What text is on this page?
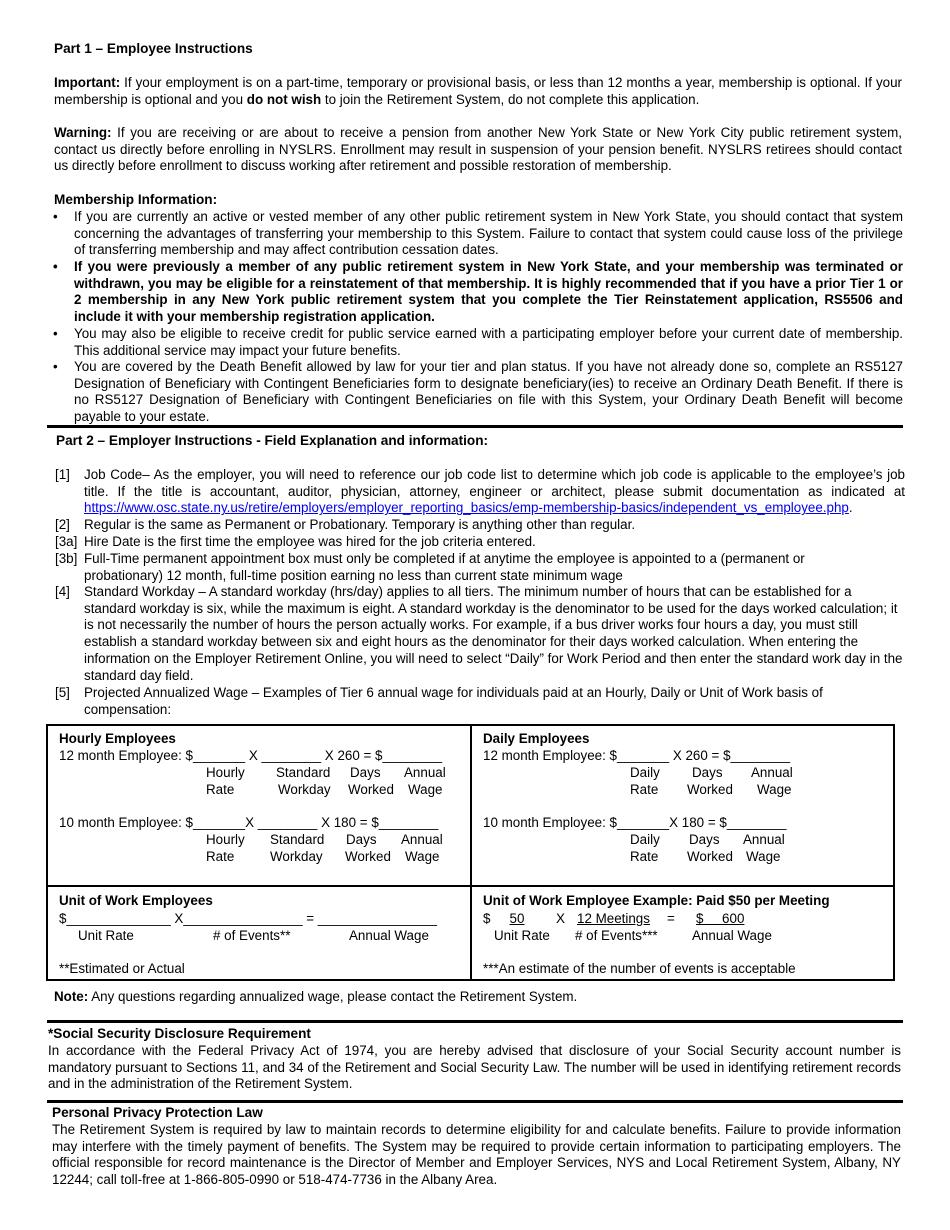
Part 1 – Employee Instructions
Important: If your employment is on a part-time, temporary or provisional basis, or less than 12 months a year, membership is optional. If your membership is optional and you do not wish to join the Retirement System, do not complete this application.
Warning: If you are receiving or are about to receive a pension from another New York State or New York City public retirement system, contact us directly before enrolling in NYSLRS. Enrollment may result in suspension of your pension benefit. NYSLRS retirees should contact us directly before enrollment to discuss working after retirement and possible restoration of membership.
Membership Information:
• If you are currently an active or vested member of any other public retirement system in New York State, you should contact that system concerning the advantages of transferring your membership to this System. Failure to contact that system could cause loss of the privilege of transferring membership and may affect contribution cessation dates.
• If you were previously a member of any public retirement system in New York State, and your membership was terminated or withdrawn, you may be eligible for a reinstatement of that membership. It is highly recommended that if you have a prior Tier 1 or 2 membership in any New York public retirement system that you complete the Tier Reinstatement application, RS5506 and include it with your membership registration application.
• You may also be eligible to receive credit for public service earned with a participating employer before your current date of membership. This additional service may impact your future benefits.
• You are covered by the Death Benefit allowed by law for your tier and plan status. If you have not already done so, complete an RS5127 Designation of Beneficiary with Contingent Beneficiaries form to designate beneficiary(ies) to receive an Ordinary Death Benefit. If there is no RS5127 Designation of Beneficiary with Contingent Beneficiaries on file with this System, your Ordinary Death Benefit will become payable to your estate.
Part 2 – Employer Instructions - Field Explanation and information:
[1] Job Code– As the employer, you will need to reference our job code list to determine which job code is applicable to the employee’s job title. If the title is accountant, auditor, physician, attorney, engineer or architect, please submit documentation as indicated at https://www.osc.state.ny.us/retire/employers/employer_reporting_basics/emp-membership-basics/independent_vs_employee.php.
[2] Regular is the same as Permanent or Probationary. Temporary is anything other than regular.
[3a] Hire Date is the first time the employee was hired for the job criteria entered.
[3b] Full-Time permanent appointment box must only be completed if at anytime the employee is appointed to a (permanent or probationary) 12 month, full-time position earning no less than current state minimum wage
[4] Standard Workday – A standard workday (hrs/day) applies to all tiers. The minimum number of hours that can be established for a standard workday is six, while the maximum is eight. A standard workday is the denominator to be used for the days worked calculation; it is not necessarily the number of hours the person actually works. For example, if a bus driver works four hours a day, you must still establish a standard workday between six and eight hours as the denominator for their days worked calculation. When entering the information on the Employer Retirement Online, you will need to select “Daily” for Work Period and then enter the standard work day in the standard day field.
[5] Projected Annualized Wage – Examples of Tier 6 annual wage for individuals paid at an Hourly, Daily or Unit of Work basis of compensation:
Hourly Employees
12 month Employee: $_______ X ________ X 260 = $________
Hourly Standard Days Annual
Rate	Workday Worked Wage
10 month Employee: $_______X ________ X 180 = $________
Hourly Standard Days Annual
Rate	Workday Worked Wage
Daily Employees
12 month Employee: $_______ X 260 = $________
Daily Days Annual
Rate Worked Wage
10 month Employee: $_______X 180 = $________
Daily Days Annual
Rate Worked Wage
Unit of Work Employees
$______________ X________________ = ________________
Unit Rate	# of Events**	Annual Wage
**Estimated or Actual
Unit of Work Employee Example: Paid $50 per Meeting
$	50	X 12 Meetings = $     600
Unit Rate # of Events***	Annual Wage
***An estimate of the number of events is acceptable
Note: Any questions regarding annualized wage, please contact the Retirement System.
*Social Security Disclosure Requirement
In accordance with the Federal Privacy Act of 1974, you are hereby advised that disclosure of your Social Security account number is mandatory pursuant to Sections 11, and 34 of the Retirement and Social Security Law. The number will be used in identifying retirement records and in the administration of the Retirement System.
Personal Privacy Protection Law
The Retirement System is required by law to maintain records to determine eligibility for and calculate benefits. Failure to provide information may interfere with the timely payment of benefits. The System may be required to provide certain information to participating employers. The official responsible for record maintenance is the Director of Member and Employer Services, NYS and Local Retirement System, Albany, NY 12244; call toll-free at 1-866-805-0990 or 518-474-7736 in the Albany Area.
